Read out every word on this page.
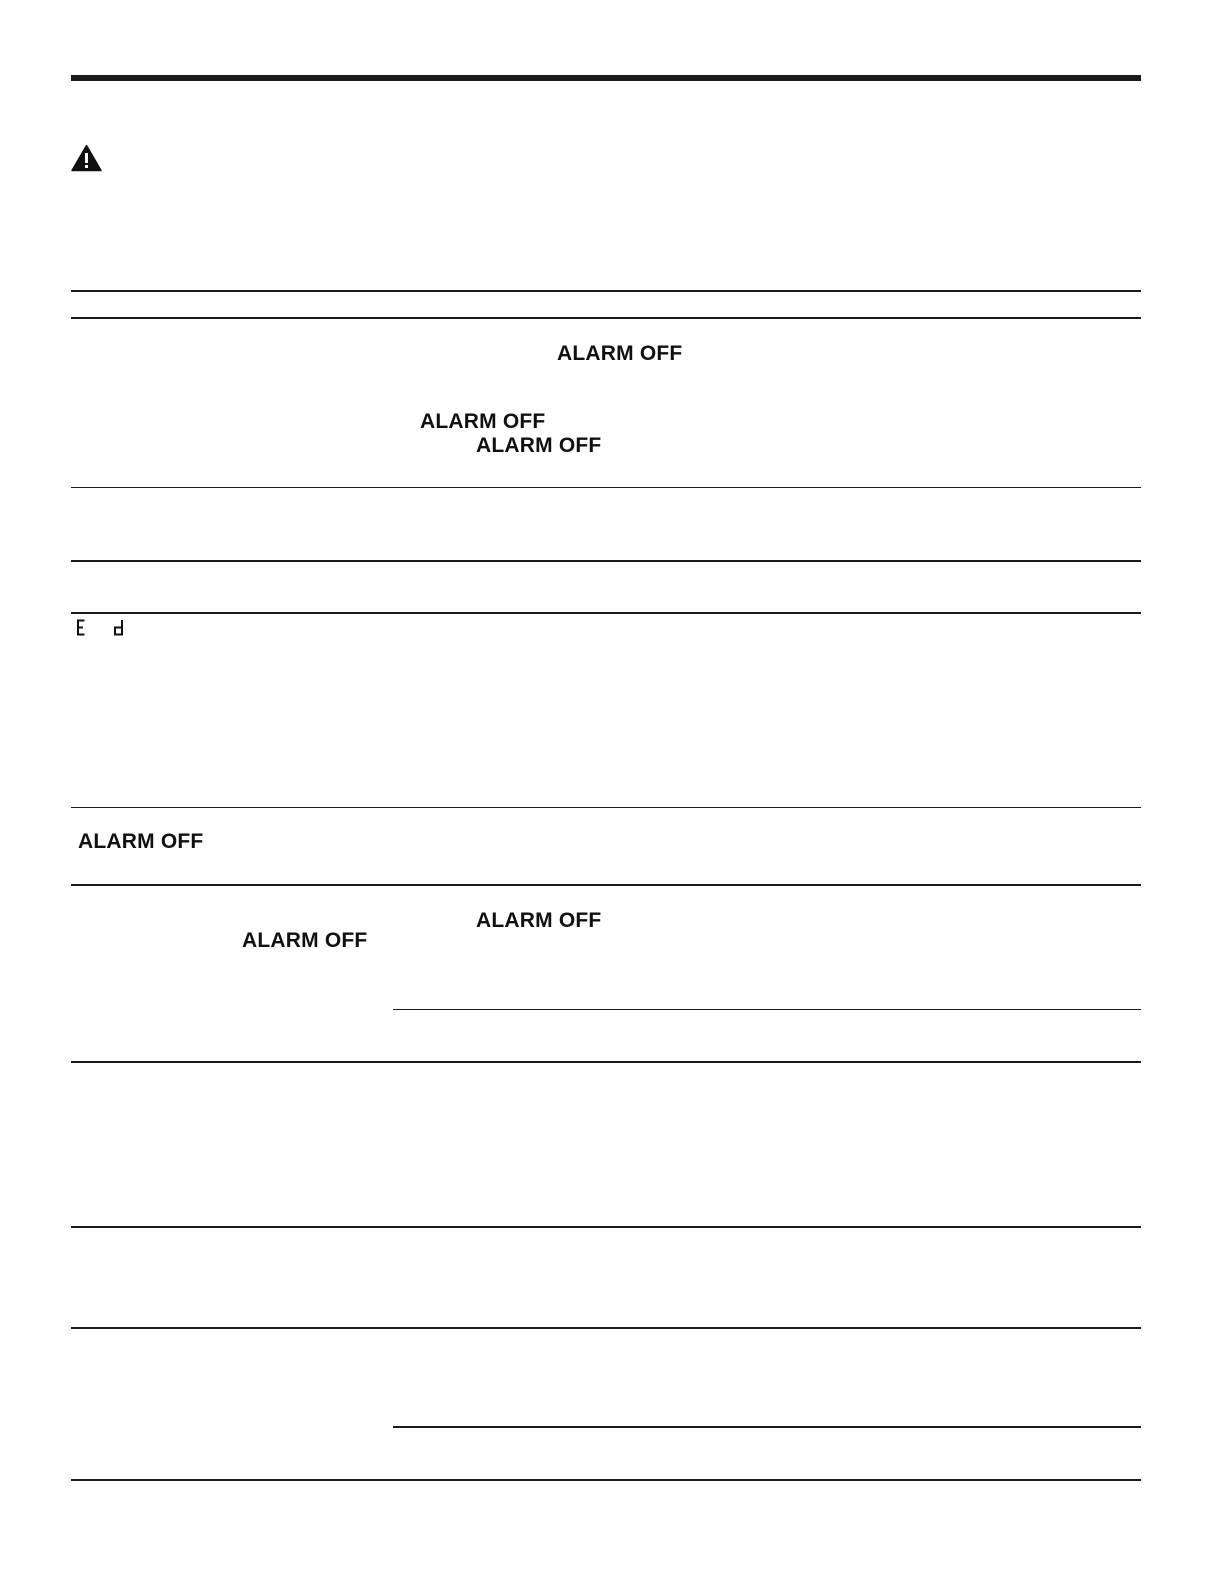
ALARM OFF
ALARM OFF
ALARM OFF
ALARM OFF
ALARM OFF
ALARM OFF
